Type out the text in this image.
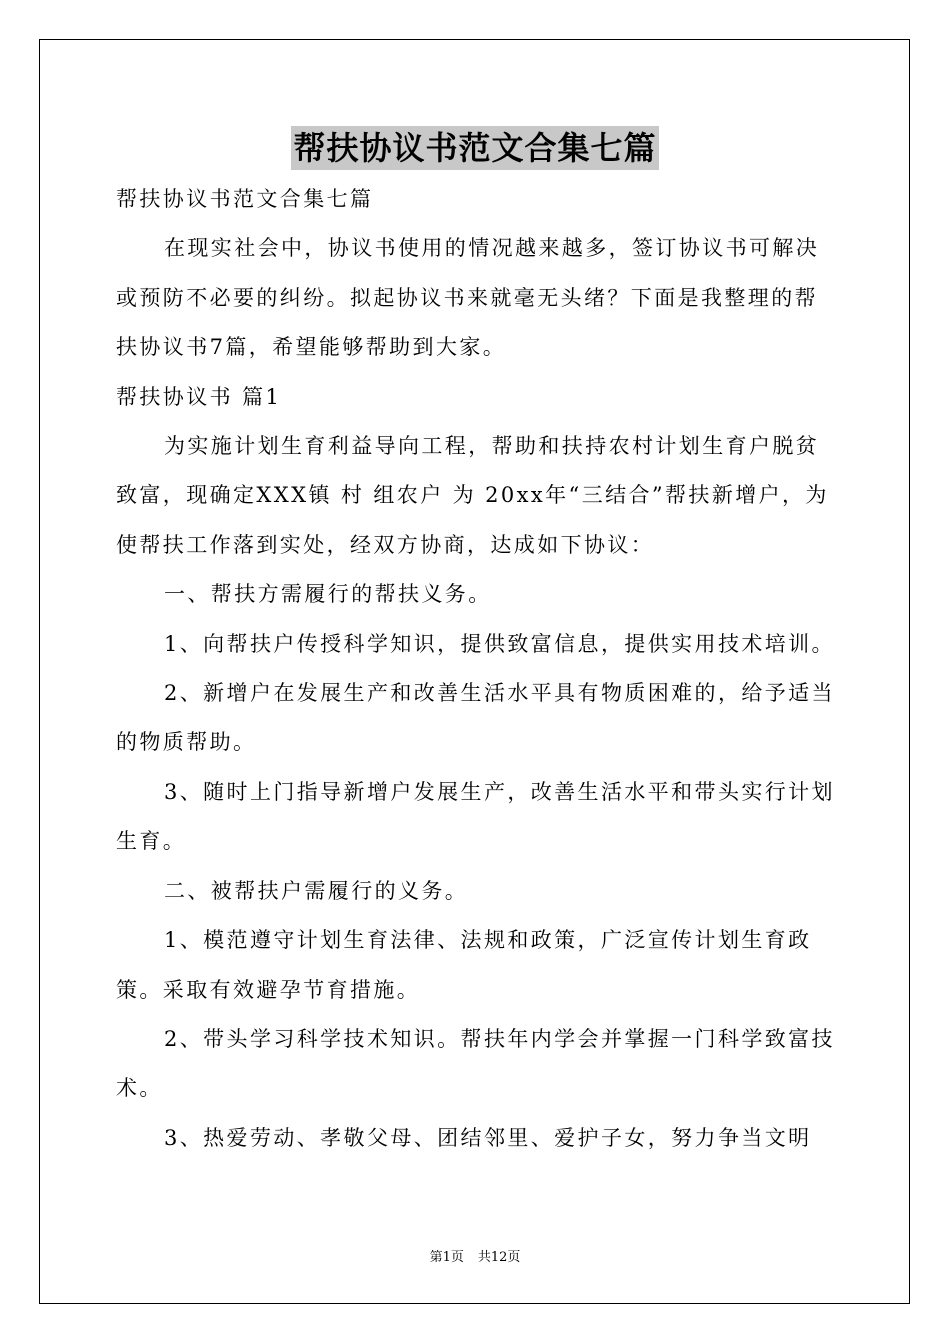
帮扶协议书范文合集七篇

帮扶协议书范文合集七篇

在现实社会中，协议书使用的情况越来越多，签订协议书可解决或预防不必要的纠纷。拟起协议书来就毫无头绪？下面是我整理的帮扶协议书7篇，希望能够帮助到大家。

帮扶协议书 篇1

为实施计划生育利益导向工程，帮助和扶持农村计划生育户脱贫致富，现确定XXX镇 村 组农户 为 20xx年“三结合”帮扶新增户，为使帮扶工作落到实处，经双方协商，达成如下协议：

一、帮扶方需履行的帮扶义务。

1、向帮扶户传授科学知识，提供致富信息，提供实用技术培训。

2、新增户在发展生产和改善生活水平具有物质困难的，给予适当的物质帮助。

3、随时上门指导新增户发展生产，改善生活水平和带头实行计划生育。

二、被帮扶户需履行的义务。

1、模范遵守计划生育法律、法规和政策，广泛宣传计划生育政策。采取有效避孕节育措施。

2、带头学习科学技术知识。帮扶年内学会并掌握一门科学致富技术。

3、热爱劳动、孝敬父母、团结邻里、爱护子女，努力争当文明

第1页 共12页
